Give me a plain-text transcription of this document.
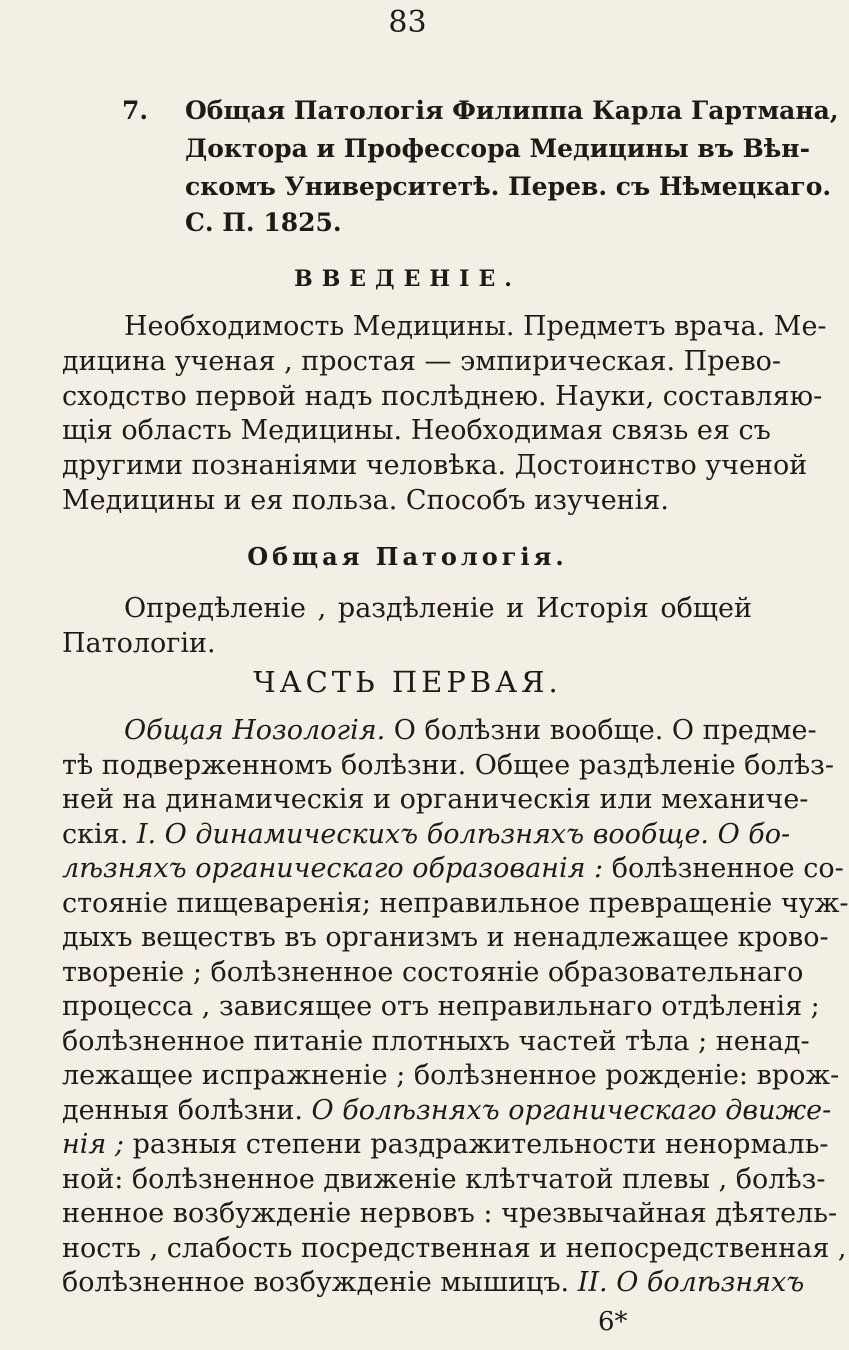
83
7. Общая Патологія Филиппа Карла Гартмана,
Доктора и Профессора Медицины въ Вѣн-
скомъ Университетѣ. Перев. съ Нѣмецкаго.
С. П. 1825.
ВВЕДЕНІЕ.
Необходимость Медицины. Предметъ врача. Ме-
дицина ученая , простая — эмпирическая. Прево-
сходство первой надъ послѣднею. Науки, составляю-
щія область Медицины. Необходимая связь ея съ
другими познаніями человѣка. Достоинство ученой
Медицины и ея польза. Способъ изученія.
Общая Патологія.
Опредѣленіе , раздѣленіе и Исторія общей
Патологіи.
ЧАСТЬ ПЕРВАЯ.
Общая Нозологія. О болѣзни вообще. О предме-
тѣ подверженномъ болѣзни. Общее раздѣленіе болѣз-
ней на динамическія и органическія или механиче-
скія. I. О динамическихъ болѣзняхъ вообще. О бо-
лѣзняхъ органическаго образованія : болѣзненное со-
стояніе пищеваренія; неправильное превращеніе чуж-
дыхъ веществъ въ организмъ и ненадлежащее крово-
твореніе ; болѣзненное состояніе образовательнаго
процесса , зависящее отъ неправильнаго отдѣленія ;
болѣзненное питаніе плотныхъ частей тѣла ; ненад-
лежащее испражненіе ; болѣзненное рожденіе: врож-
денныя болѣзни. О болѣзняхъ органическаго движе-
нія ; разныя степени раздражительности ненормаль-
ной: болѣзненное движеніе клѣтчатой плевы , болѣз-
ненное возбужденіе нервовъ : чрезвычайная дѣятель-
ность , слабость посредственная и непосредственная ,
болѣзненное возбужденіе мышицъ. II. О болѣзняхъ
6*
